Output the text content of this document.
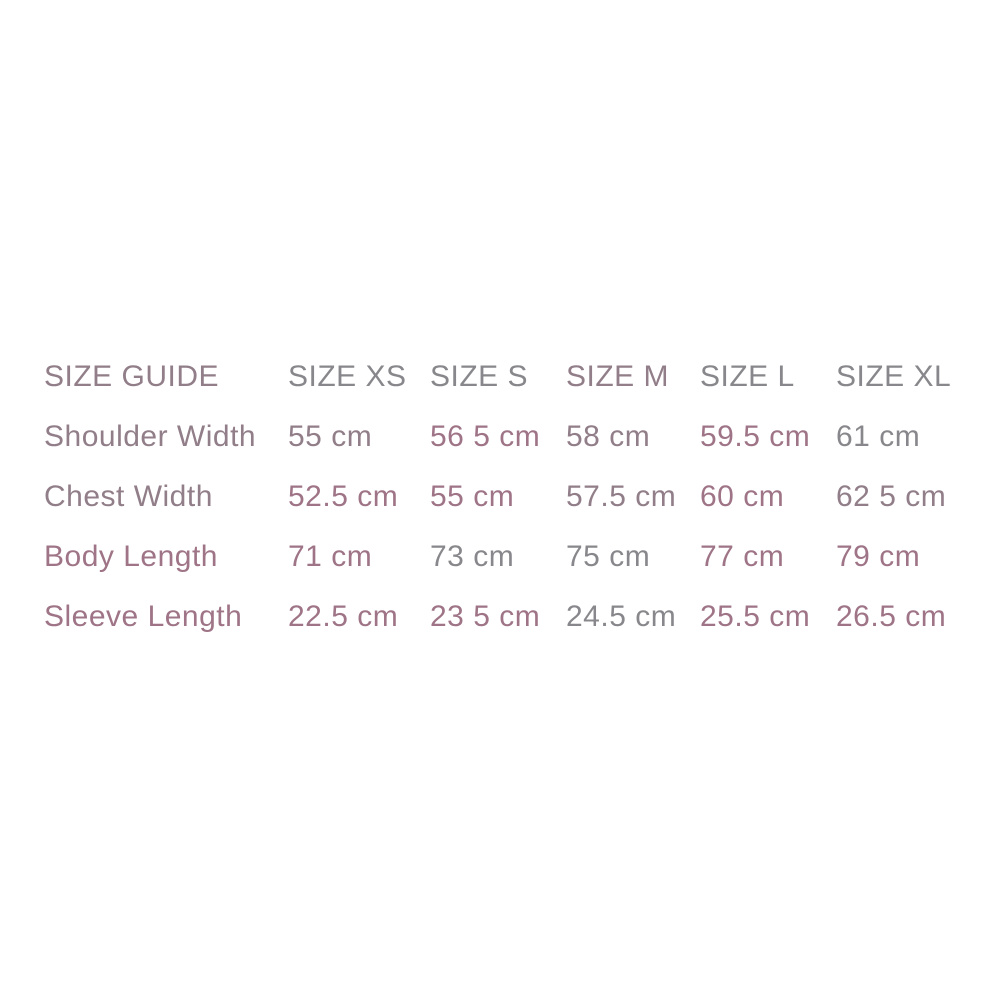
SIZE GUIDE	SIZE XS SIZE S	SIZE M	SIZE L	SIZE XL
Shoulder Width	55 cm	56 5 cm 58 cm	59.5 cm 61 cm
Chest Width	52.5 cm	55 cm	57.5 cm 60 cm	62 5 cm
Body Length	71 cm	73 cm	75 cm	77 cm	79 cm
Sleeve Length	22.5 cm	23 5 cm 24.5 cm 25.5 cm 26.5 cm
